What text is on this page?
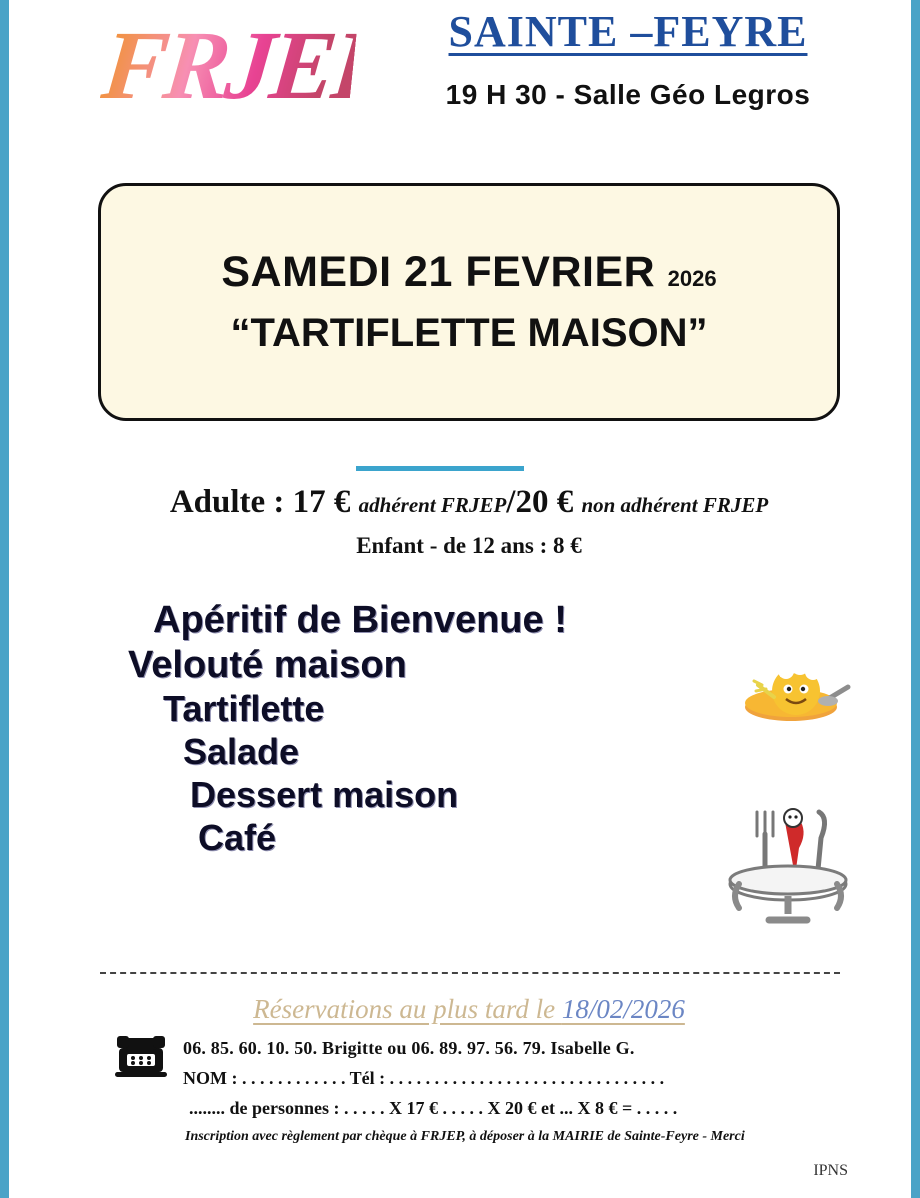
FRJEP	SAINTE –FEYRE
19 H 30 - Salle Géo Legros
SAMEDI 21 FEVRIER 2026
“TARTIFLETTE MAISON”
Adulte : 17 € adhérent FRJEP/20 € non adhérent FRJEP
Enfant - de 12 ans : 8 €
Apéritif de Bienvenue !
Velouté maison
Tartiflette
Salade
Dessert maison
Café
Réservations au plus tard le 18/02/2026
06. 85. 60. 10. 50. Brigitte ou 06. 89. 97. 56. 79. Isabelle G.
NOM : . . . . . . . . . . . . Tél : . . . . . . . . . . . . . . . . . . . . . . . . . . . . . . .
........ de personnes : . . . . . X 17 € . . . . . X 20 € et ... X 8 € = . . . . .
Inscription avec règlement par chèque à FRJEP, à déposer à la MAIRIE de Sainte-Feyre - Merci
IPNS
